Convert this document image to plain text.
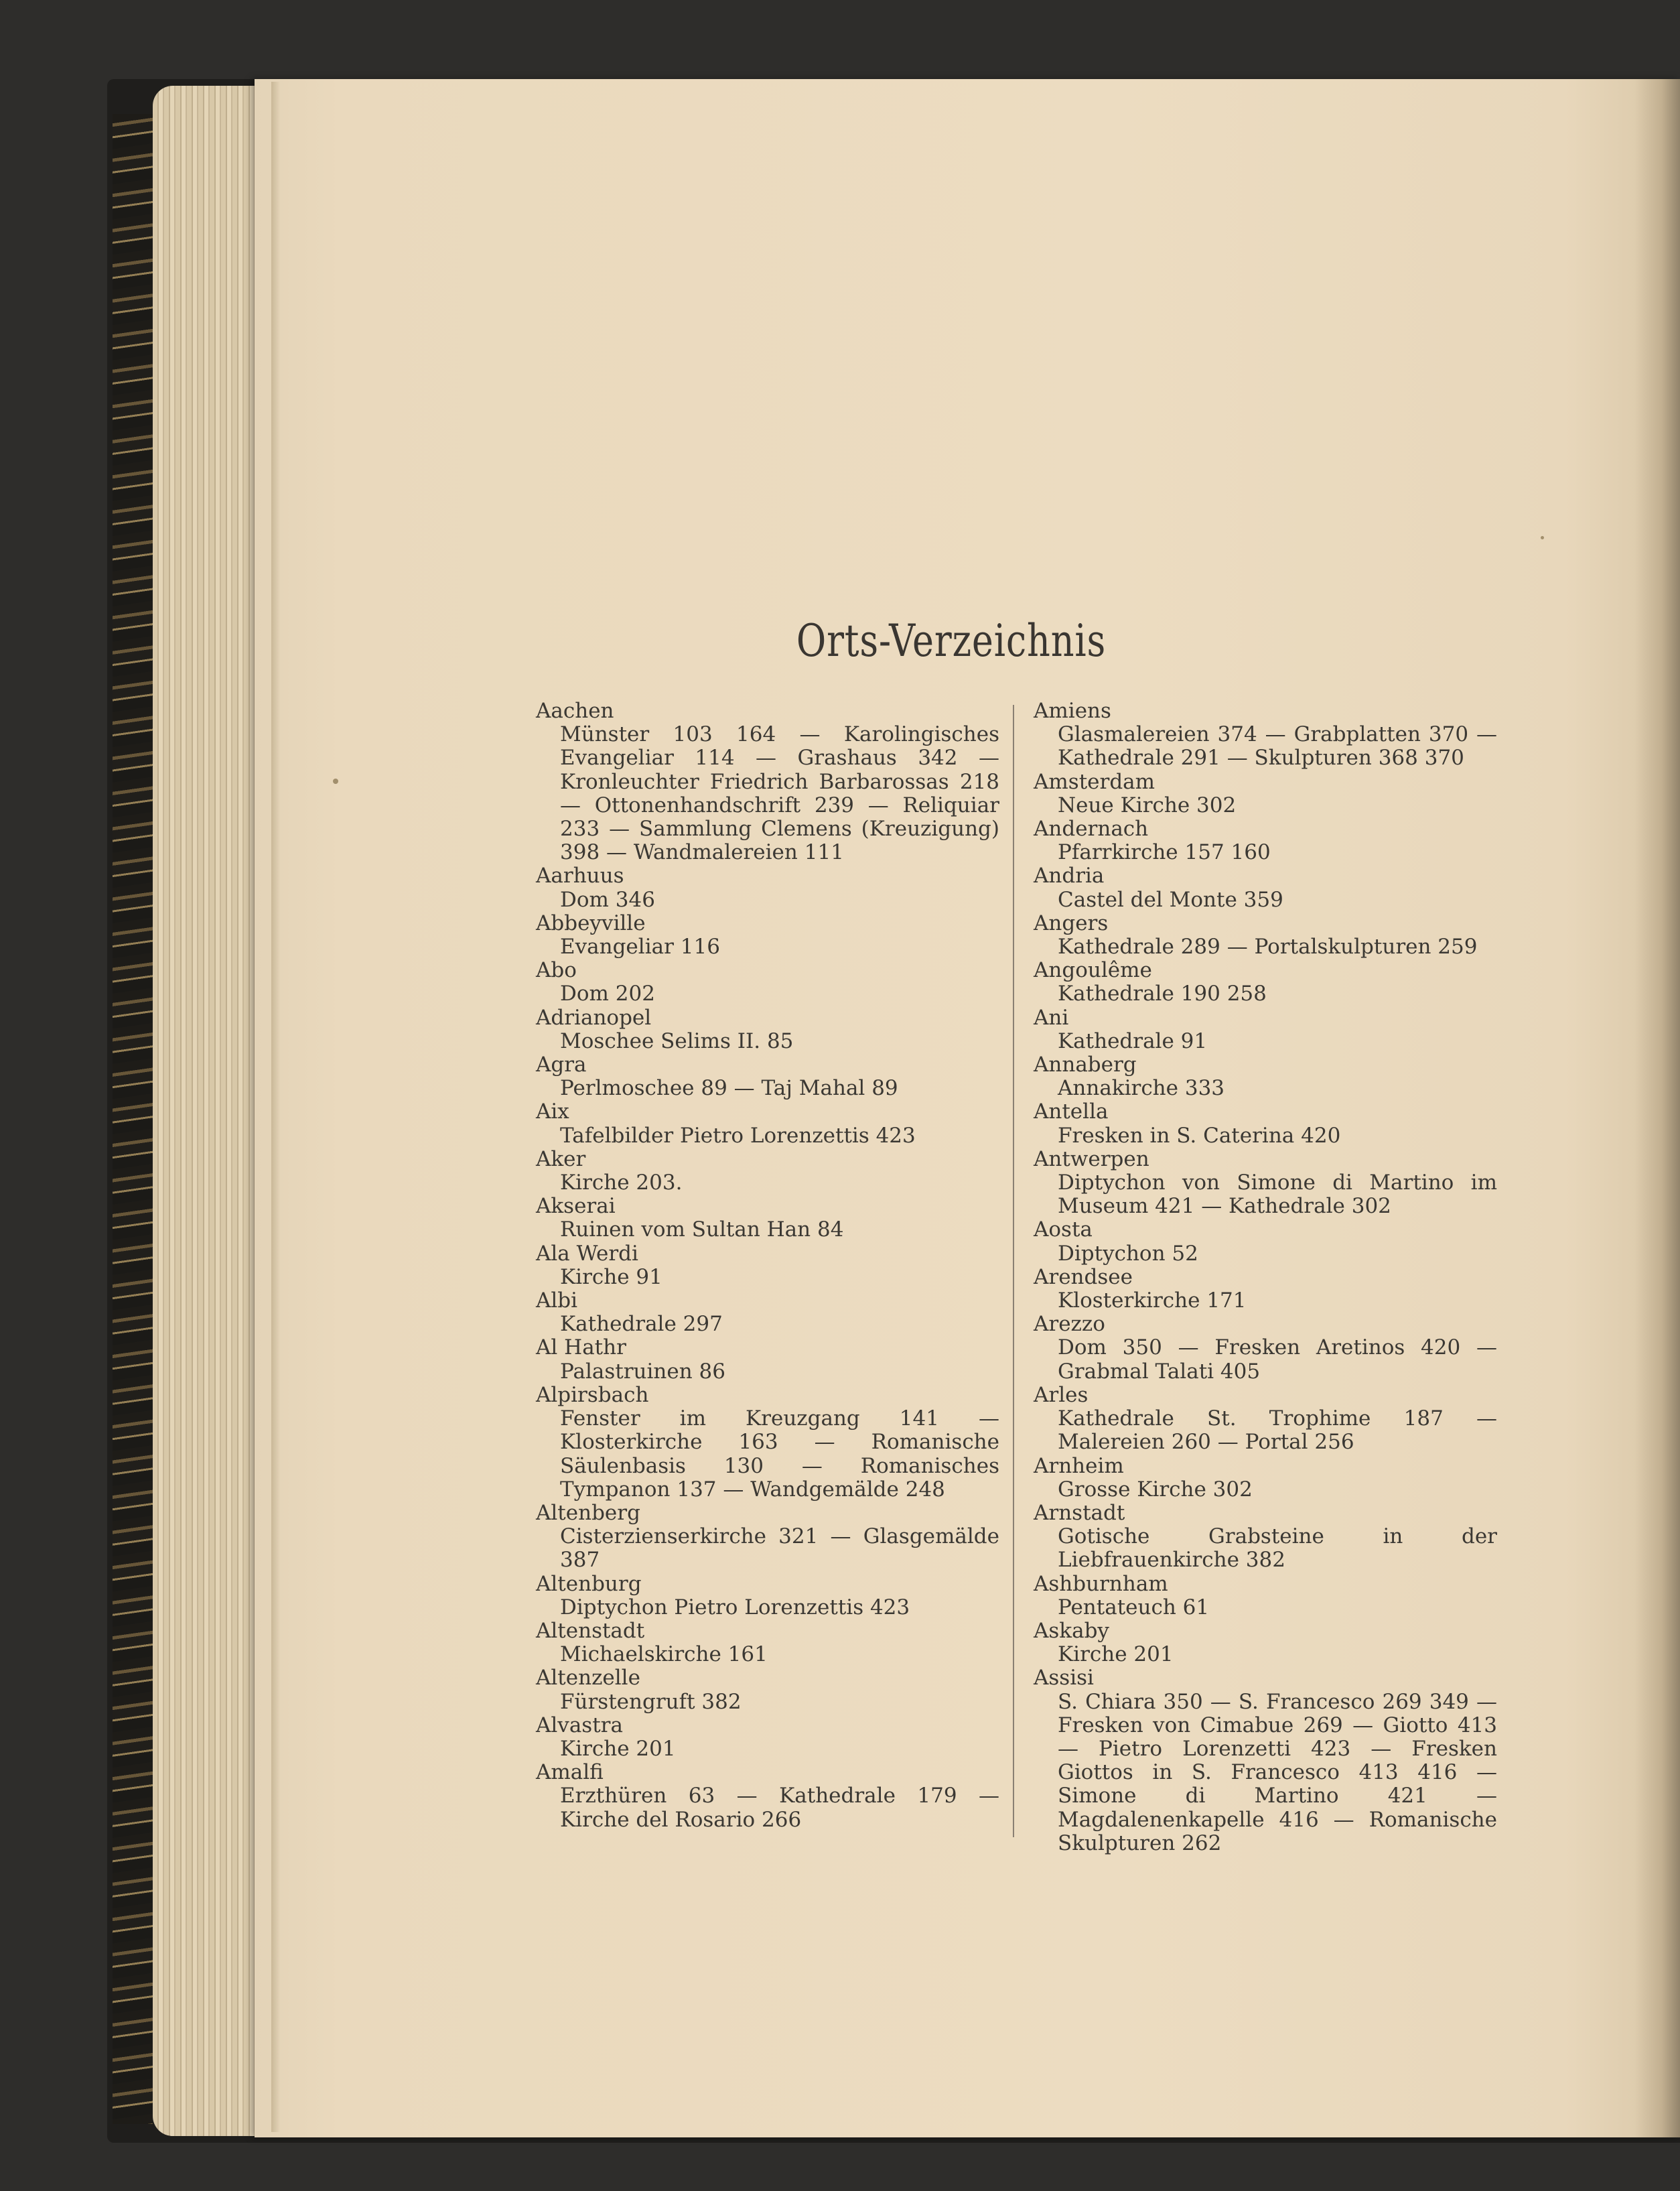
Orts-Verzeichnis
Aachen
Münster 103 164 — Karolingisches Evangeliar 114 — Grashaus 342 — Kronleuchter Friedrich Barbarossas 218 — Ottonenhandschrift 239 — Reliquiar 233 — Sammlung Clemens (Kreuzigung) 398 — Wandmalereien 111
Aarhuus
Dom 346
Abbeyville
Evangeliar 116
Abo
Dom 202
Adrianopel
Moschee Selims II. 85
Agra
Perlmoschee 89 — Taj Mahal 89
Aix
Tafelbilder Pietro Lorenzettis 423
Aker
Kirche 203.
Akserai
Ruinen vom Sultan Han 84
Ala Werdi
Kirche 91
Albi
Kathedrale 297
Al Hathr
Palastruinen 86
Alpirsbach
Fenster im Kreuzgang 141 — Klosterkirche 163 — Romanische Säulenbasis 130 — Romanisches Tympanon 137 — Wandgemälde 248
Altenberg
Cisterzienserkirche 321 — Glasgemälde 387
Altenburg
Diptychon Pietro Lorenzettis 423
Altenstadt
Michaelskirche 161
Altenzelle
Fürstengruft 382
Alvastra
Kirche 201
Amalfi
Erzthüren 63 — Kathedrale 179 — Kirche del Rosario 266
Amiens
Glasmalereien 374 — Grabplatten 370 — Kathedrale 291 — Skulpturen 368 370
Amsterdam
Neue Kirche 302
Andernach
Pfarrkirche 157 160
Andria
Castel del Monte 359
Angers
Kathedrale 289 — Portalskulpturen 259
Angoulême
Kathedrale 190 258
Ani
Kathedrale 91
Annaberg
Annakirche 333
Antella
Fresken in S. Caterina 420
Antwerpen
Diptychon von Simone di Martino im Museum 421 — Kathedrale 302
Aosta
Diptychon 52
Arendsee
Klosterkirche 171
Arezzo
Dom 350 — Fresken Aretinos 420 — Grabmal Talati 405
Arles
Kathedrale St. Trophime 187 — Malereien 260 — Portal 256
Arnheim
Grosse Kirche 302
Arnstadt
Gotische Grabsteine in der Liebfrauenkirche 382
Ashburnham
Pentateuch 61
Askaby
Kirche 201
Assisi
S. Chiara 350 — S. Francesco 269 349 — Fresken von Cimabue 269 — Giotto 413 — Pietro Lorenzetti 423 — Fresken Giottos in S. Francesco 413 416 — Simone di Martino 421 — Magdalenenkapelle 416 — Romanische Skulpturen 262
